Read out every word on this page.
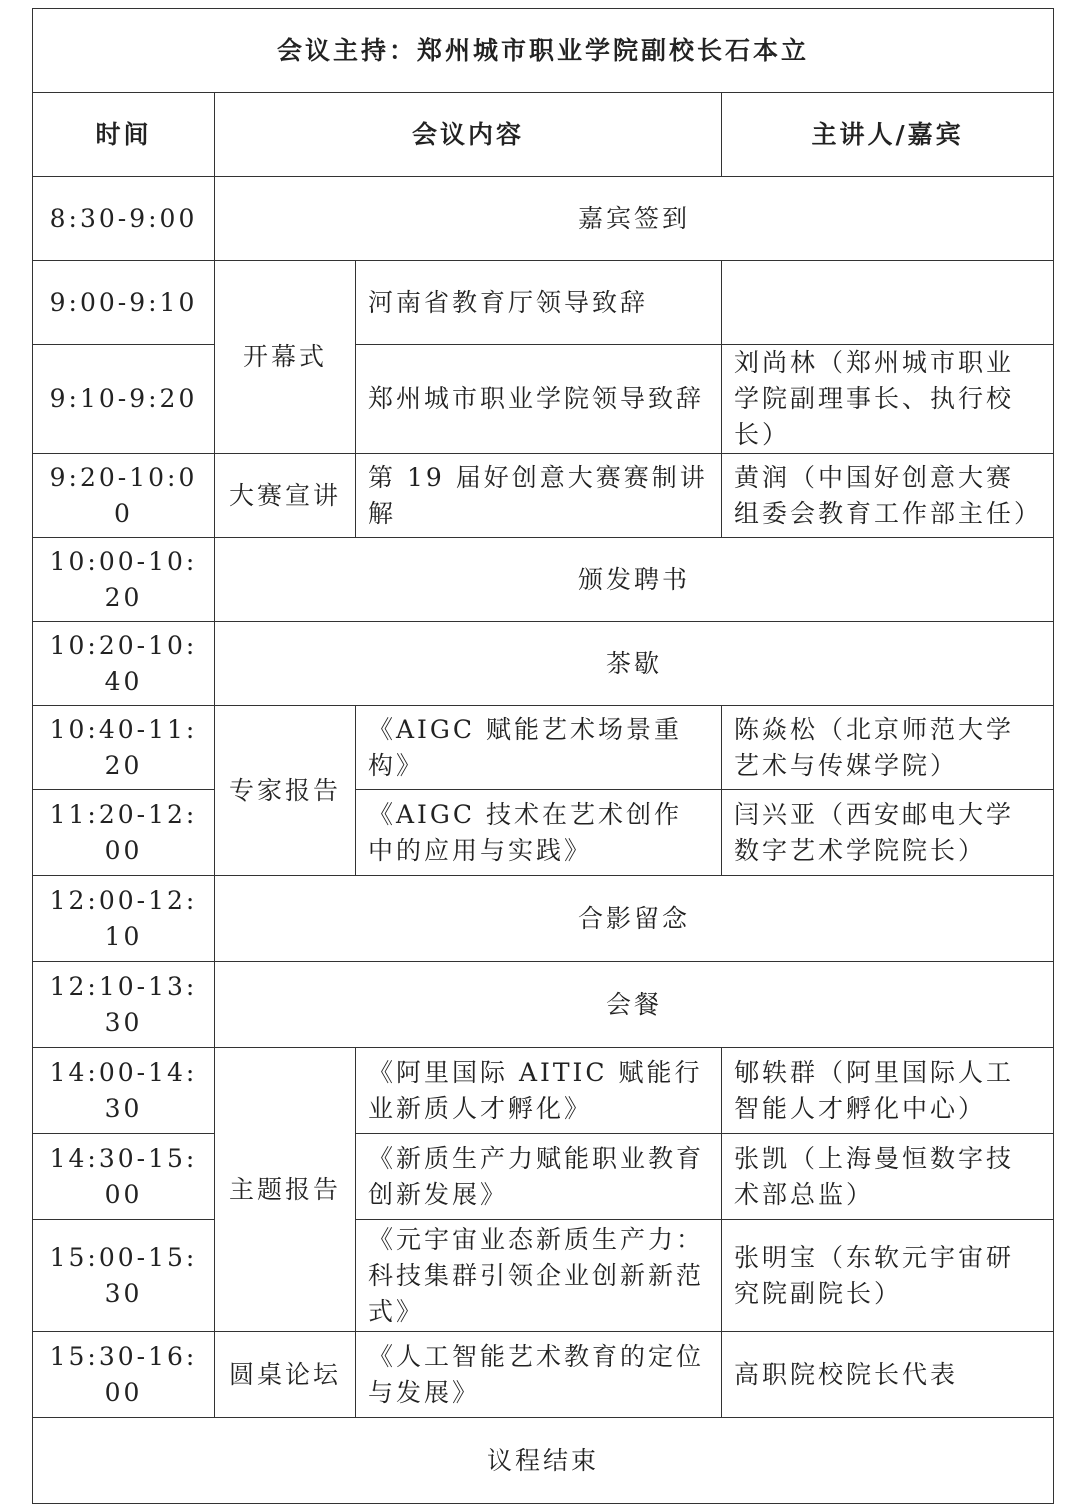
会议主持：郑州城市职业学院副校长石本立			
时间	会议内容		主讲人/嘉宾
8:30-9:00	嘉宾签到		
9:00-9:10	开幕式	河南省教育厅领导致辞	
9:10-9:20		郑州城市职业学院领导致辞	刘尚林（郑州城市职业学院副理事长、执行校长）
9:20-10:00	大赛宣讲	第 19 届好创意大赛赛制讲解	黄润（中国好创意大赛组委会教育工作部主任）
10:00-10:20	颁发聘书		
10:20-10:40	茶歇		
10:40-11:20	专家报告	《AIGC 赋能艺术场景重构》	陈焱松（北京师范大学艺术与传媒学院）
11:20-12:00		《AIGC 技术在艺术创作中的应用与实践》	闫兴亚（西安邮电大学数字艺术学院院长）
12:00-12:10	合影留念		
12:10-13:30	会餐		
14:00-14:30	主题报告	《阿里国际 AITIC 赋能行业新质人才孵化》	郇轶群（阿里国际人工智能人才孵化中心）
14:30-15:00		《新质生产力赋能职业教育创新发展》	张凯（上海曼恒数字技术部总监）
15:00-15:30		《元宇宙业态新质生产力：科技集群引领企业创新新范式》	张明宝（东软元宇宙研究院副院长）
15:30-16:00	圆桌论坛	《人工智能艺术教育的定位与发展》	高职院校院长代表
议程结束			
